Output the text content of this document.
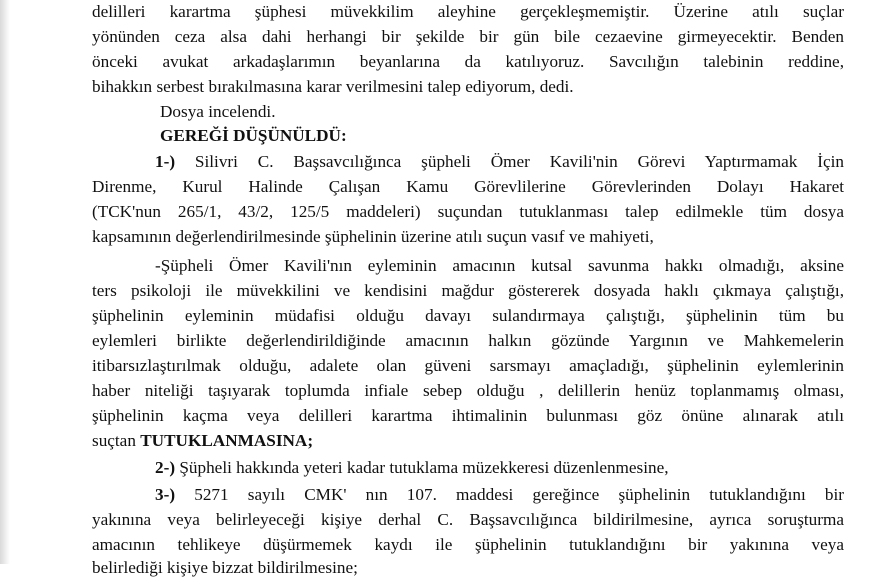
delilleri karartma şüphesi müvekkilim aleyhine gerçekleşmemiştir. Üzerine atılı suçlar
yönünden ceza alsa dahi herhangi bir şekilde bir gün bile cezaevine girmeyecektir. Benden
önceki avukat arkadaşlarımın beyanlarına da katılıyoruz. Savcılığın talebinin reddine,
bihakkın serbest bırakılmasına karar verilmesini talep ediyorum, dedi.
Dosya incelendi.
GEREĞİ DÜŞÜNÜLDÜ:
1-) Silivri C. Başsavcılığınca şüpheli Ömer Kavili'nin Görevi Yaptırmamak İçin
Direnme, Kurul Halinde Çalışan Kamu Görevlilerine Görevlerinden Dolayı Hakaret
(TCK'nun 265/1, 43/2, 125/5 maddeleri) suçundan tutuklanması talep edilmekle tüm dosya
kapsamının değerlendirilmesinde şüphelinin üzerine atılı suçun vasıf ve mahiyeti,
-Şüpheli Ömer Kavili'nın eyleminin amacının kutsal savunma hakkı olmadığı, aksine
ters psikoloji ile müvekkilini ve kendisini mağdur göstererek dosyada haklı çıkmaya çalıştığı,
şüphelinin eyleminin müdafisi olduğu davayı sulandırmaya çalıştığı, şüphelinin tüm bu
eylemleri birlikte değerlendirildiğinde amacının halkın gözünde Yargının ve Mahkemelerin
itibarsızlaştırılmak olduğu, adalete olan güveni sarsmayı amaçladığı, şüphelinin eylemlerinin
haber niteliği taşıyarak toplumda infiale sebep olduğu , delillerin henüz toplanmamış olması,
şüphelinin kaçma veya delilleri karartma ihtimalinin bulunması göz önüne alınarak atılı
suçtan TUTUKLANMASINA;
2-) Şüpheli hakkında yeteri kadar tutuklama müzekkeresi düzenlenmesine,
3-) 5271 sayılı CMK' nın 107. maddesi gereğince şüphelinin tutuklandığını bir
yakınına veya belirleyeceği kişiye derhal C. Başsavcılığınca bildirilmesine, ayrıca soruşturma
amacının tehlikeye düşürmemek kaydı ile şüphelinin tutuklandığını bir yakınına veya
belirlediği kişiye bizzat bildirilmesine;
